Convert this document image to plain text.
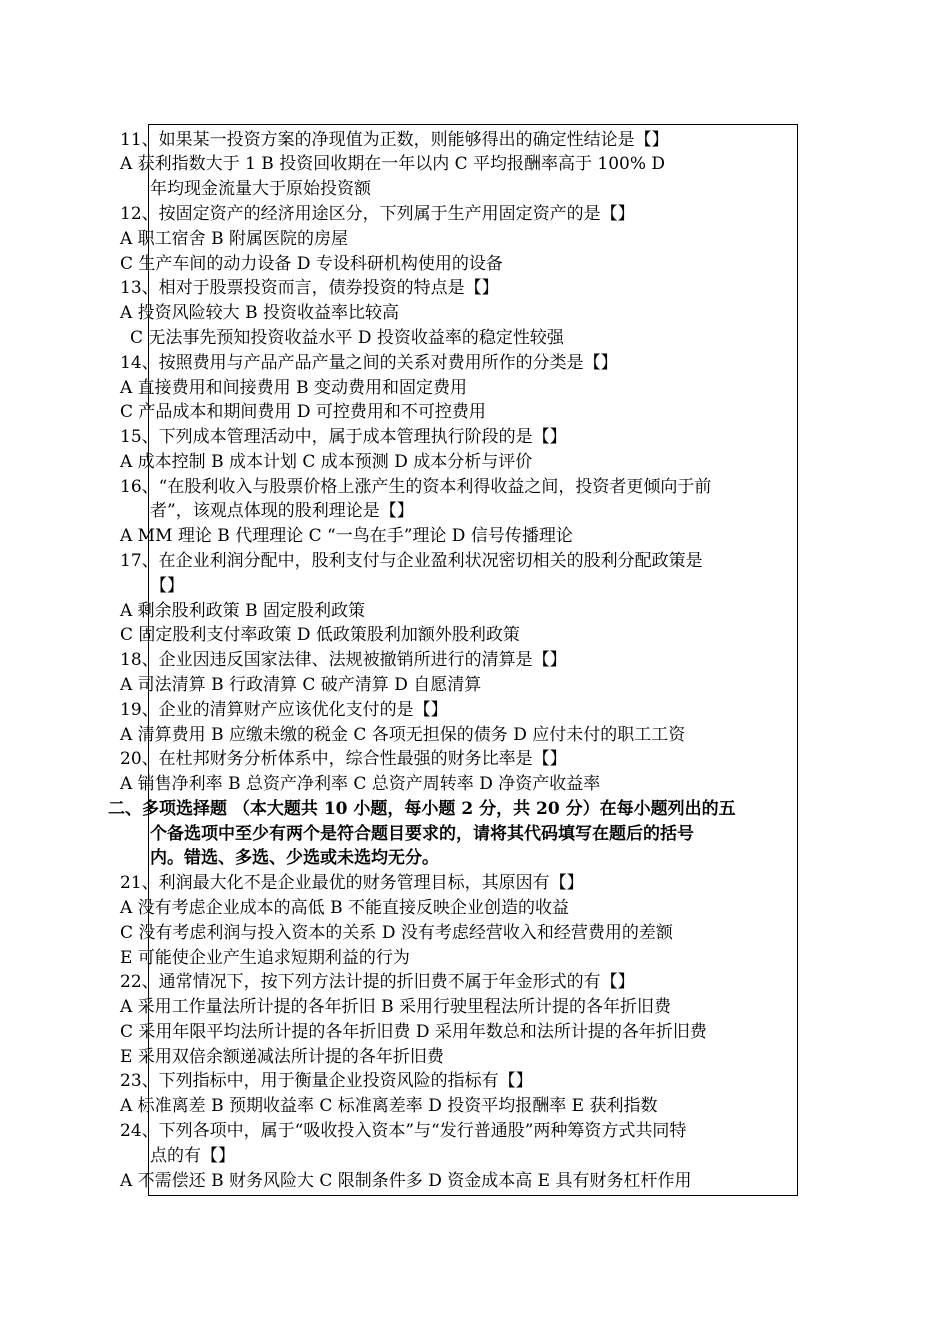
11、如果某一投资方案的净现值为正数，则能够得出的确定性结论是【】
A 获利指数大于 1 B 投资回收期在一年以内 C 平均报酬率高于 100% D
年均现金流量大于原始投资额
12、按固定资产的经济用途区分，下列属于生产用固定资产的是【】
A 职工宿舍 B 附属医院的房屋
C 生产车间的动力设备 D 专设科研机构使用的设备
13、相对于股票投资而言，债券投资的特点是【】
A 投资风险较大 B 投资收益率比较高
C 无法事先预知投资收益水平 D 投资收益率的稳定性较强
14、按照费用与产品产品产量之间的关系对费用所作的分类是【】
A 直接费用和间接费用 B 变动费用和固定费用
C 产品成本和期间费用 D 可控费用和不可控费用
15、下列成本管理活动中，属于成本管理执行阶段的是【】
A 成本控制 B 成本计划 C 成本预测 D 成本分析与评价
16、“在股利收入与股票价格上涨产生的资本利得收益之间，投资者更倾向于前
者”，该观点体现的股利理论是【】
A MM 理论 B 代理理论 C “一鸟在手”理论 D 信号传播理论
17、在企业利润分配中，股利支付与企业盈利状况密切相关的股利分配政策是
【】
A 剩余股利政策 B 固定股利政策
C 固定股利支付率政策 D 低政策股利加额外股利政策
18、企业因违反国家法律、法规被撤销所进行的清算是【】
A 司法清算 B 行政清算 C 破产清算 D 自愿清算
19、企业的清算财产应该优化支付的是【】
A 清算费用 B 应缴未缴的税金 C 各项无担保的债务 D 应付未付的职工工资
20、在杜邦财务分析体系中，综合性最强的财务比率是【】
A 销售净利率 B 总资产净利率 C 总资产周转率 D 净资产收益率
二、多项选择题 （本大题共 10 小题，每小题 2 分，共 20 分）在每小题列出的五
个备选项中至少有两个是符合题目要求的，请将其代码填写在题后的括号
内。错选、多选、少选或未选均无分。
21、利润最大化不是企业最优的财务管理目标，其原因有【】
A 没有考虑企业成本的高低 B 不能直接反映企业创造的收益
C 没有考虑利润与投入资本的关系 D 没有考虑经营收入和经营费用的差额
E 可能使企业产生追求短期利益的行为
22、通常情况下，按下列方法计提的折旧费不属于年金形式的有【】
A 采用工作量法所计提的各年折旧 B 采用行驶里程法所计提的各年折旧费
C 采用年限平均法所计提的各年折旧费 D 采用年数总和法所计提的各年折旧费
E 采用双倍余额递减法所计提的各年折旧费
23、下列指标中，用于衡量企业投资风险的指标有【】
A 标准离差 B 预期收益率 C 标准离差率 D 投资平均报酬率 E 获利指数
24、下列各项中，属于“吸收投入资本”与“发行普通股”两种筹资方式共同特
点的有【】
A 不需偿还 B 财务风险大 C 限制条件多 D 资金成本高 E 具有财务杠杆作用
